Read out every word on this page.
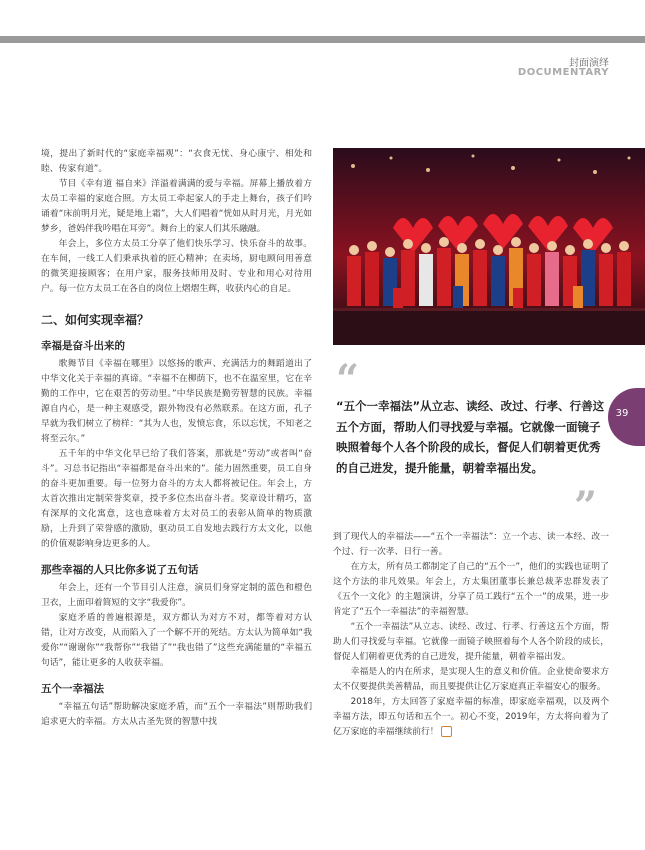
封面演绎
DOCUMENTARY

境，提出了新时代的“家庭幸福观”：“衣食无忧、身心康宁、相处和睦、传家有道”。

节目《幸有道 福自来》洋溢着满满的爱与幸福。屏幕上播放着方太员工幸福的家庭合照。方太员工牵起家人的手走上舞台，孩子们吟诵着“床前明月光，疑是地上霜”，大人们唱着“恍如从时月光，月光如梦乡，爸妈伴我吟唱在耳旁”。舞台上的家人们其乐融融。

年会上，多位方太员工分享了他们快乐学习、快乐奋斗的故事。在车间，一线工人们秉承执着的匠心精神；在卖场，厨电顾问用善意的微笑迎接顾客；在用户家，服务技师用及时、专业和用心对待用户。每一位方太员工在各自的岗位上熠熠生辉，收获内心的自足。

二、如何实现幸福？
幸福是奋斗出来的

歌舞节目《幸福在哪里》以悠扬的歌声、充满活力的舞蹈道出了中华文化关于幸福的真谛。“幸福不在柳荫下，也不在温室里，它在辛勤的工作中，它在艰苦的劳动里。”中华民族是勤劳智慧的民族。幸福源自内心，是一种主观感受，跟外物没有必然联系。在这方面，孔子早就为我们树立了榜样：“其为人也，发愤忘食，乐以忘忧，不知老之将至云尔。”

五千年的中华文化早已给了我们答案，那就是“劳动”或者叫“奋斗”。习总书记指出“幸福都是奋斗出来的”。能力固然重要，员工自身的奋斗更加重要。每一位努力奋斗的方太人都将被记住。年会上，方太首次推出定制荣誉奖章，授予多位杰出奋斗者。奖章设计精巧，富有深厚的文化寓意，这也意味着方太对员工的表彰从简单的物质激励，上升到了荣誉感的激励，驱动员工自发地去践行方太文化，以他的价值观影响身边更多的人。

那些幸福的人只比你多说了五句话

年会上，还有一个节目引人注意，演员们身穿定制的蓝色和橙色卫衣，上面印着简短的文字“我爱你”。

家庭矛盾的普遍根源是，双方都认为对方不对，都等着对方认错，让对方改变，从而陷入了一个解不开的死结。方太认为简单如“我爱你”“谢谢你”“我帮你”“我错了”“我也错了”这些充满能量的“幸福五句话”，能让更多的人收获幸福。

五个一幸福法

“幸福五句话”帮助解决家庭矛盾，而“五个一幸福法”则帮助我们追求更大的幸福。方太从古圣先贤的智慧中找

“
“五个一幸福法”从立志、读经、改过、行孝、行善这五个方面，帮助人们寻找爱与幸福。它就像一面镜子映照着每个人各个阶段的成长，督促人们朝着更优秀的自己进发，提升能量，朝着幸福出发。
”
39

到了现代人的幸福法——“五个一幸福法”：立一个志、读一本经、改一个过、行一次孝、日行一善。

在方太，所有员工都制定了自己的“五个一”，他们的实践也证明了这个方法的非凡效果。年会上，方太集团董事长兼总裁茅忠群发表了《五个一文化》的主题演讲，分享了员工践行“五个一”的成果，进一步肯定了“五个一幸福法”的幸福智慧。

“五个一幸福法”从立志、读经、改过、行孝、行善这五个方面，帮助人们寻找爱与幸福。它就像一面镜子映照着每个人各个阶段的成长，督促人们朝着更优秀的自己进发，提升能量，朝着幸福出发。

幸福是人的内在所求，是实现人生的意义和价值。企业使命要求方太不仅要提供美善精品，而且要提供让亿万家庭真正幸福安心的服务。

2018年，方太回答了家庭幸福的标准，即家庭幸福观，以及两个幸福方法，即五句话和五个一。初心不变，2019年，方太将向着为了亿万家庭的幸福继续前行！
